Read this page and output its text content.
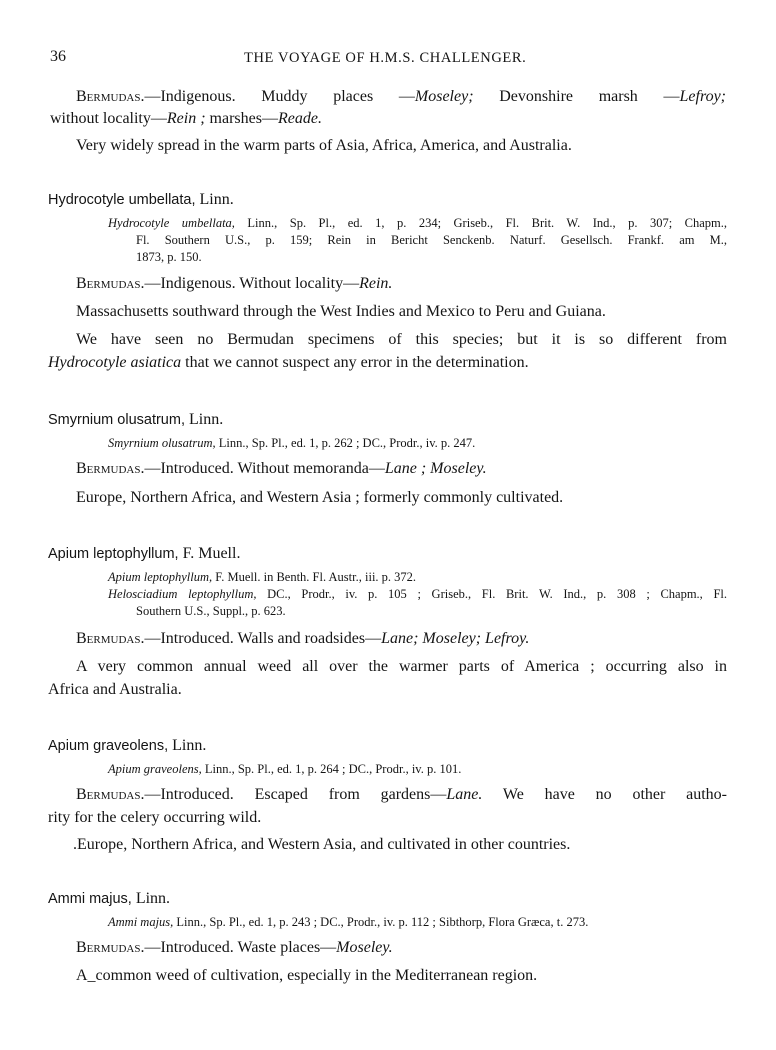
36	THE VOYAGE OF H.M.S. CHALLENGER.
Bermudas.—Indigenous. Muddy places —Moseley; Devonshire marsh —Lefroy;
without locality—Rein ; marshes—Reade.
Very widely spread in the warm parts of Asia, Africa, America, and Australia.
Hydrocotyle umbellata, Linn.
Hydrocotyle umbellata, Linn., Sp. Pl., ed. 1, p. 234; Griseb., Fl. Brit. W. Ind., p. 307; Chapm.,
Fl. Southern U.S., p. 159; Rein in Bericht Senckenb. Naturf. Gesellsch. Frankf. am M.,
1873, p. 150.
Bermudas.—Indigenous. Without locality—Rein.
Massachusetts southward through the West Indies and Mexico to Peru and Guiana.
We have seen no Bermudan specimens of this species; but it is so different from
Hydrocotyle asiatica that we cannot suspect any error in the determination.
Smyrnium olusatrum, Linn.
Smyrnium olusatrum, Linn., Sp. Pl., ed. 1, p. 262 ; DC., Prodr., iv. p. 247.
Bermudas.—Introduced. Without memoranda—Lane ; Moseley.
Europe, Northern Africa, and Western Asia ; formerly commonly cultivated.
Apium leptophyllum, F. Muell.
Apium leptophyllum, F. Muell. in Benth. Fl. Austr., iii. p. 372.
Helosciadium leptophyllum, DC., Prodr., iv. p. 105 ; Griseb., Fl. Brit. W. Ind., p. 308 ; Chapm., Fl.
Southern U.S., Suppl., p. 623.
Bermudas.—Introduced. Walls and roadsides—Lane; Moseley; Lefroy.
A very common annual weed all over the warmer parts of America ; occurring also in
Africa and Australia.
Apium graveolens, Linn.
Apium graveolens, Linn., Sp. Pl., ed. 1, p. 264 ; DC., Prodr., iv. p. 101.
Bermudas.—Introduced. Escaped from gardens—Lane. We have no other autho-
rity for the celery occurring wild.
.Europe, Northern Africa, and Western Asia, and cultivated in other countries.
Ammi majus, Linn.
Ammi majus, Linn., Sp. Pl., ed. 1, p. 243 ; DC., Prodr., iv. p. 112 ; Sibthorp, Flora Græca, t. 273.
Bermudas.—Introduced. Waste places—Moseley.
A_common weed of cultivation, especially in the Mediterranean region.
